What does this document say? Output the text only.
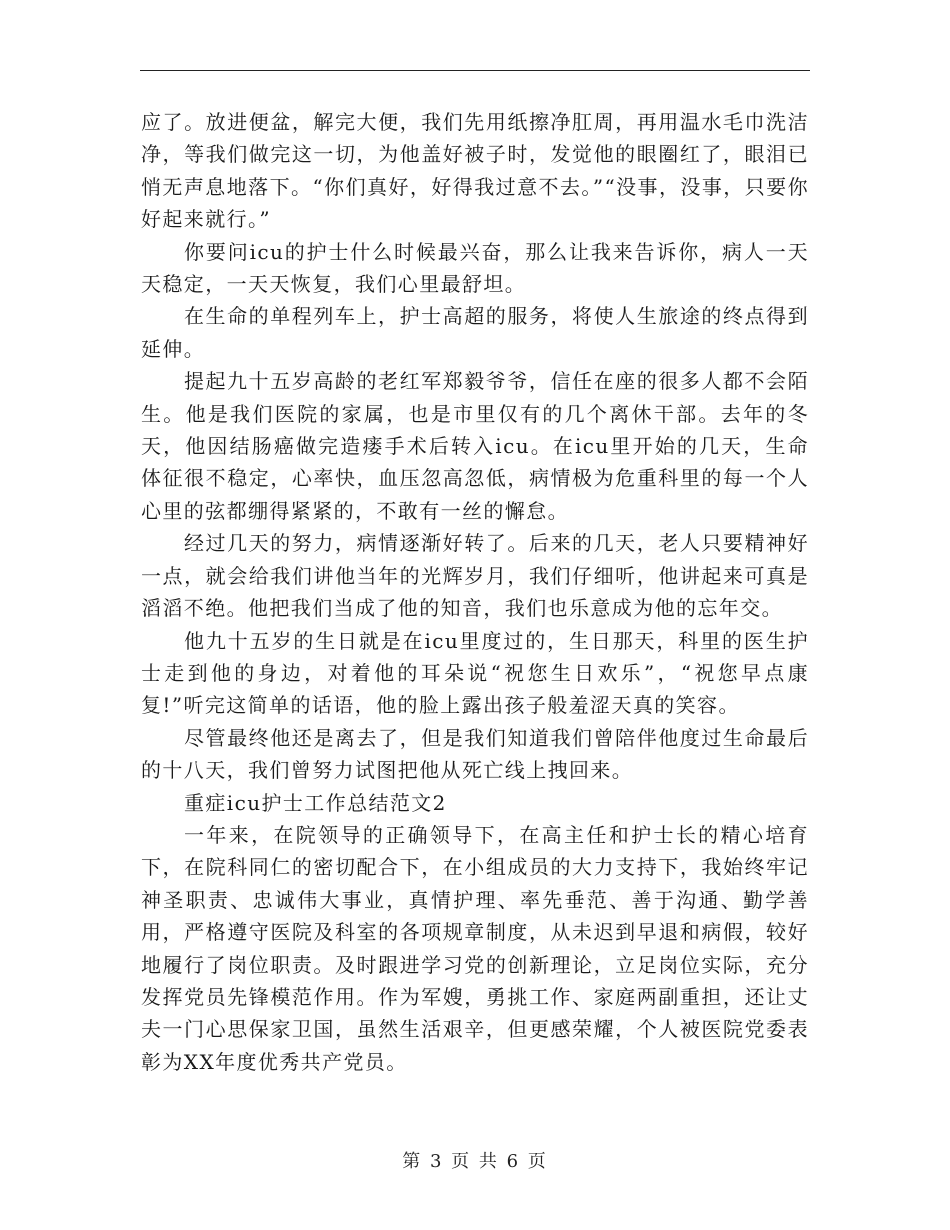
应了。放进便盆，解完大便，我们先用纸擦净肛周，再用温水毛巾洗洁净，等我们做完这一切，为他盖好被子时，发觉他的眼圈红了，眼泪已悄无声息地落下。“你们真好，好得我过意不去。”“没事，没事，只要你好起来就行。”

你要问icu的护士什么时候最兴奋，那么让我来告诉你，病人一天天稳定，一天天恢复，我们心里最舒坦。

在生命的单程列车上，护士高超的服务，将使人生旅途的终点得到延伸。

提起九十五岁高龄的老红军郑毅爷爷，信任在座的很多人都不会陌生。他是我们医院的家属，也是市里仅有的几个离休干部。去年的冬天，他因结肠癌做完造瘘手术后转入icu。在icu里开始的几天，生命体征很不稳定，心率快，血压忽高忽低，病情极为危重科里的每一个人心里的弦都绷得紧紧的，不敢有一丝的懈怠。

经过几天的努力，病情逐渐好转了。后来的几天，老人只要精神好一点，就会给我们讲他当年的光辉岁月，我们仔细听，他讲起来可真是滔滔不绝。他把我们当成了他的知音，我们也乐意成为他的忘年交。

他九十五岁的生日就是在icu里度过的，生日那天，科里的医生护士走到他的身边，对着他的耳朵说“祝您生日欢乐”，“祝您早点康复!”听完这简单的话语，他的脸上露出孩子般羞涩天真的笑容。

尽管最终他还是离去了，但是我们知道我们曾陪伴他度过生命最后的十八天，我们曾努力试图把他从死亡线上拽回来。

重症icu护士工作总结范文2

一年来，在院领导的正确领导下，在高主任和护士长的精心培育下，在院科同仁的密切配合下，在小组成员的大力支持下，我始终牢记神圣职责、忠诚伟大事业，真情护理、率先垂范、善于沟通、勤学善用，严格遵守医院及科室的各项规章制度，从未迟到早退和病假，较好地履行了岗位职责。及时跟进学习党的创新理论，立足岗位实际，充分发挥党员先锋模范作用。作为军嫂，勇挑工作、家庭两副重担，还让丈夫一门心思保家卫国，虽然生活艰辛，但更感荣耀，个人被医院党委表彰为XX年度优秀共产党员。

第 3 页 共 6 页
